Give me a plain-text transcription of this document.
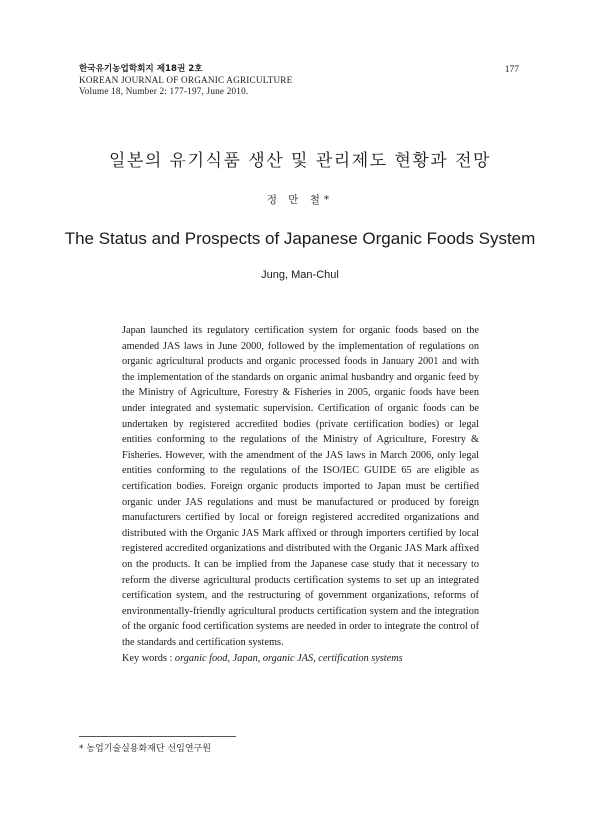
한국유기농업학회지 제18권 2호
KOREAN JOURNAL OF ORGANIC AGRICULTURE
Volume 18, Number 2: 177-197, June 2010.
177
일본의 유기식품 생산 및 관리제도 현황과 전망
정 만 철*
The Status and Prospects of Japanese Organic Foods System
Jung, Man-Chul

Japan launched its regulatory certification system for organic foods based on the amended JAS laws in June 2000, followed by the implementation of regulations on organic agricultural products and organic processed foods in January 2001 and with the implementation of the standards on organic animal husbandry and organic feed by the Ministry of Agriculture, Forestry & Fisheries in 2005, organic foods have been under integrated and systematic supervision. Certification of organic foods can be undertaken by registered accredited bodies (private certification bodies) or legal entities conforming to the regulations of the Ministry of Agriculture, Forestry & Fisheries. However, with the amendment of the JAS laws in March 2006, only legal entities conforming to the regulations of the ISO/IEC GUIDE 65 are eligible as certification bodies. Foreign organic products imported to Japan must be certified organic under JAS regulations and must be manufactured or produced by foreign manufacturers certified by local or foreign registered accredited organizations and distributed with the Organic JAS Mark affixed or through importers certified by local registered accredited organizations and distributed with the Organic JAS Mark affixed on the products. It can be implied from the Japanese case study that it necessary to reform the diverse agricultural products certification systems to set up an integrated certification system, and the restructuring of government organizations, reforms of environmentally-friendly agricultural products certification system and the integration of the organic food certification systems are needed in order to integrate the control of the standards and certification systems.

Key words : organic food, Japan, organic JAS, certification systems
* 농업기술실용화재단 선임연구원
